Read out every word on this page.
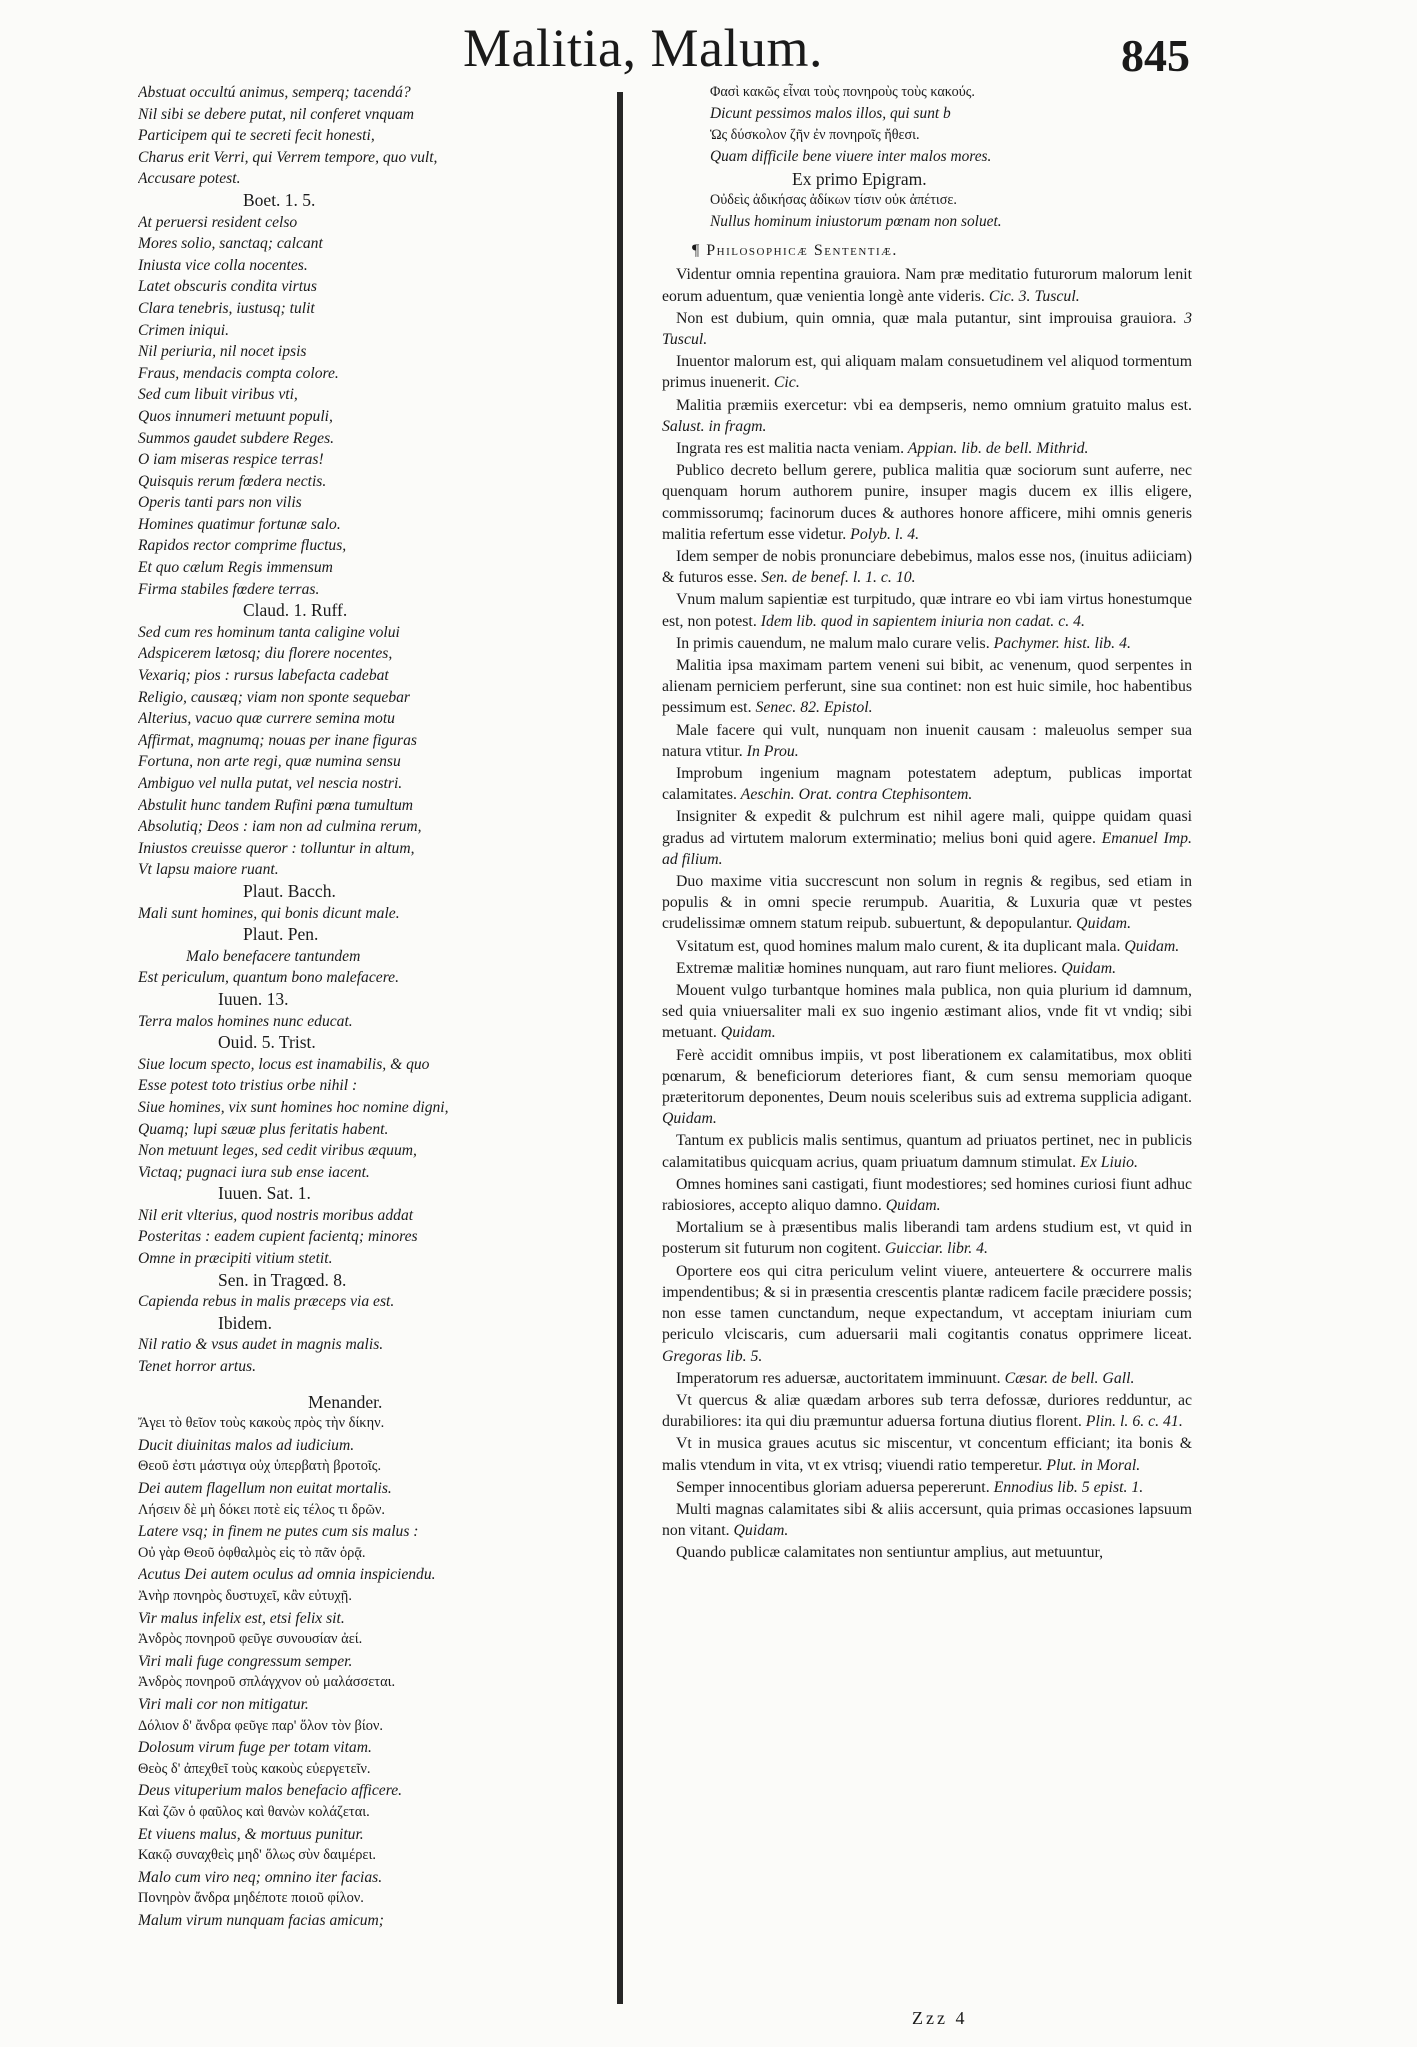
Malitia, Malum.	845
Abstuat occultú animus, semperq; tacendá?
Nil sibi se debere putat, nil conferet vnquam
Participem qui te secreti fecit honesti,
Charus erit Verri, qui Verrem tempore, quo vult,
Accusare potest.
Boet. 1. 5.
At peruersi resident celso
Mores solio, sanctaq; calcant
Iniusta vice colla nocentes.
Latet obscuris condita virtus
Clara tenebris, iustusq; tulit
Crimen iniqui.
Nil periuria, nil nocet ipsis
Fraus, mendacis compta colore.
Sed cum libuit viribus vti,
Quos innumeri metuunt populi,
Summos gaudet subdere Reges.
O iam miseras respice terras!
Quisquis rerum fœdera nectis.
Operis tanti pars non vilis
Homines quatimur fortunæ salo.
Rapidos rector comprime fluctus,
Et quo cælum Regis immensum
Firma stabiles fœdere terras.
Claud. 1. Ruff.
Sed cum res hominum tanta caligine volui
Adspicerem lætosq; diu florere nocentes,
Vexariq; pios : rursus labefacta cadebat
Religio, causæq; viam non sponte sequebar
Alterius, vacuo quæ currere semina motu
Affirmat, magnumq; nouas per inane figuras
Fortuna, non arte regi, quæ numina sensu
Ambiguo vel nulla putat, vel nescia nostri.
Abstulit hunc tandem Rufini pœna tumultum
Absolutiq; Deos : iam non ad culmina rerum,
Iniustos creuisse queror : tolluntur in altum,
Vt lapsu maiore ruant.
Plaut. Bacch.
Mali sunt homines, qui bonis dicunt male.
Plaut. Pen.
Malo benefacere tantundem
Est periculum, quantum bono malefacere.
Iuuen. 13.
Terra malos homines nunc educat.
Ouid. 5. Trist.
Siue locum specto, locus est inamabilis, & quo
Esse potest toto tristius orbe nihil :
Siue homines, vix sunt homines hoc nomine digni,
Quamq; lupi sæuæ plus feritatis habent.
Non metuunt leges, sed cedit viribus æquum,
Victaq; pugnaci iura sub ense iacent.
Iuuen. Sat. 1.
Nil erit vlterius, quod nostris moribus addat
Posteritas : eadem cupient facientq; minores
Omne in præcipiti vitium stetit.
Sen. in Tragœd. 8.
Capienda rebus in malis præceps via est.
Ibidem.
Nil ratio & vsus audet in magnis malis.
Tenet horror artus.
Menander.
Ἄγει τὸ θεῖον τοὺς κακοὺς πρὸς τὴν δίκην.
Ducit diuinitas malos ad iudicium.
Θεοῦ ἐστι μάστιγα οὐχ ὑπερβατὴ βροτοῖς.
Dei autem flagellum non euitat mortalis.
Λήσειν δὲ μὴ δόκει ποτὲ εἰς τέλος τι δρῶν.
Latere vsq; in finem ne putes cum sis malus :
Οὐ γὰρ Θεοῦ ὀφθαλμὸς εἰς τὸ πᾶν ὁρᾷ.
Acutus Dei autem oculus ad omnia inspiciendu.
Ἀνὴρ πονηρὸς δυστυχεῖ, κἂν εὐτυχῇ.
Vir malus infelix est, etsi felix sit.
Ἀνδρὸς πονηροῦ φεῦγε συνουσίαν ἀεί.
Viri mali fuge congressum semper.
Ἀνδρὸς πονηροῦ σπλάγχνον οὐ μαλάσσεται.
Viri mali cor non mitigatur.
Δόλιον δ' ἄνδρα φεῦγε παρ' ὅλον τὸν βίον.
Dolosum virum fuge per totam vitam.
Θεὸς δ' ἀπεχθεῖ τοὺς κακοὺς εὐεργετεῖν.
Deus vituperium malos benefacio afficere.
Καὶ ζῶν ὁ φαῦλος καὶ θανὼν κολάζεται.
Et viuens malus, & mortuus punitur.
Κακῷ συναχθεὶς μηδ' ὅλως σὺν δαιμέρει.
Malo cum viro neq; omnino iter facias.
Πονηρὸν ἄνδρα μηδέποτε ποιοῦ φίλον.
Malum virum nunquam facias amicum;
Φασὶ κακῶς εἶναι τοὺς πονηροὺς τοὺς κακούς.
Dicunt pessimos malos illos, qui sunt b
Ὡς δύσκολον ζῆν ἐν πονηροῖς ἤθεσι.
Quam difficile bene viuere inter malos mores.
Ex primo Epigram.
Οὐδεὶς ἀδικήσας ἀδίκων τίσιν οὐκ ἀπέτισε.
Nullus hominum iniustorum pœnam non soluet.
¶ Philosophicæ Sententiæ.
Videntur omnia repentina grauiora. Nam præ meditatio futurorum malorum lenit eorum aduentum, quæ venientia longè ante videris. Cic. 3. Tuscul.
Non est dubium, quin omnia, quæ mala putantur, sint improuisa grauiora. 3 Tuscul.
Inuentor malorum est, qui aliquam malam consuetudinem vel aliquod tormentum primus inuenerit. Cic.
Malitia præmiis exercetur: vbi ea dempseris, nemo omnium gratuito malus est. Salust. in fragm.
Ingrata res est malitia nacta veniam. Appian. lib. de bell. Mithrid.
Publico decreto bellum gerere, publica malitia quæ sociorum sunt auferre, nec quenquam horum authorem punire, insuper magis ducem ex illis eligere, commissorumq; facinorum duces & authores honore afficere, mihi omnis generis malitia refertum esse videtur. Polyb. l. 4.
Idem semper de nobis pronunciare debebimus, malos esse nos, (inuitus adiiciam) & futuros esse. Sen. de benef. l. 1. c. 10.
Vnum malum sapientiæ est turpitudo, quæ intrare eo vbi iam virtus honestumque est, non potest. Idem lib. quod in sapientem iniuria non cadat. c. 4.
In primis cauendum, ne malum malo curare velis. Pachymer. hist. lib. 4.
Malitia ipsa maximam partem veneni sui bibit, ac venenum, quod serpentes in alienam perniciem perferunt, sine sua continet: non est huic simile, hoc habentibus pessimum est. Senec. 82. Epistol.
Male facere qui vult, nunquam non inuenit causam : maleuolus semper sua natura vtitur. In Prou.
Improbum ingenium magnam potestatem adeptum, publicas importat calamitates. Aeschin. Orat. contra Ctephisontem.
Insigniter & expedit & pulchrum est nihil agere mali, quippe quidam quasi gradus ad virtutem malorum exterminatio; melius boni quid agere. Emanuel Imp. ad filium.
Duo maxime vitia succrescunt non solum in regnis & regibus, sed etiam in populis & in omni specie rerumpub. Auaritia, & Luxuria quæ vt pestes crudelissimæ omnem statum reipub. subuertunt, & depopulantur. Quidam.
Vsitatum est, quod homines malum malo curent, & ita duplicant mala. Quidam.
Extremæ malitiæ homines nunquam, aut raro fiunt meliores. Quidam.
Mouent vulgo turbantque homines mala publica, non quia plurium id damnum, sed quia vniuersaliter mali ex suo ingenio æstimant alios, vnde fit vt vndiq; sibi metuant. Quidam.
Ferè accidit omnibus impiis, vt post liberationem ex calamitatibus, mox obliti pœnarum, & beneficiorum deteriores fiant, & cum sensu memoriam quoque præteritorum deponentes, Deum nouis sceleribus suis ad extrema supplicia adigant. Quidam.
Tantum ex publicis malis sentimus, quantum ad priuatos pertinet, nec in publicis calamitatibus quicquam acrius, quam priuatum damnum stimulat. Ex Liuio.
Omnes homines sani castigati, fiunt modestiores; sed homines curiosi fiunt adhuc rabiosiores, accepto aliquo damno. Quidam.
Mortalium se à præsentibus malis liberandi tam ardens studium est, vt quid in posterum sit futurum non cogitent. Guicciar. libr. 4.
Oportere eos qui citra periculum velint viuere, anteuertere & occurrere malis impendentibus; & si in præsentia crescentis plantæ radicem facile præcidere possis; non esse tamen cunctandum, neque expectandum, vt acceptam iniuriam cum periculo vlciscaris, cum aduersarii mali cogitantis conatus opprimere liceat. Gregoras lib. 5.
Imperatorum res aduersæ, auctoritatem imminuunt. Cæsar. de bell. Gall.
Vt quercus & aliæ quædam arbores sub terra defossæ, duriores redduntur, ac durabiliores: ita qui diu præmuntur aduersa fortuna diutius florent. Plin. l. 6. c. 41.
Vt in musica graues acutus sic miscentur, vt concentum efficiant; ita bonis & malis vtendum in vita, vt ex vtrisq; viuendi ratio temperetur. Plut. in Moral.
Semper innocentibus gloriam aduersa pepererunt. Ennodius lib. 5 epist. 1.
Multi magnas calamitates sibi & aliis accersunt, quia primas occasiones lapsuum non vitant. Quidam.
Quando publicæ calamitates non sentiuntur amplius, aut metuuntur,
Zzz 4
